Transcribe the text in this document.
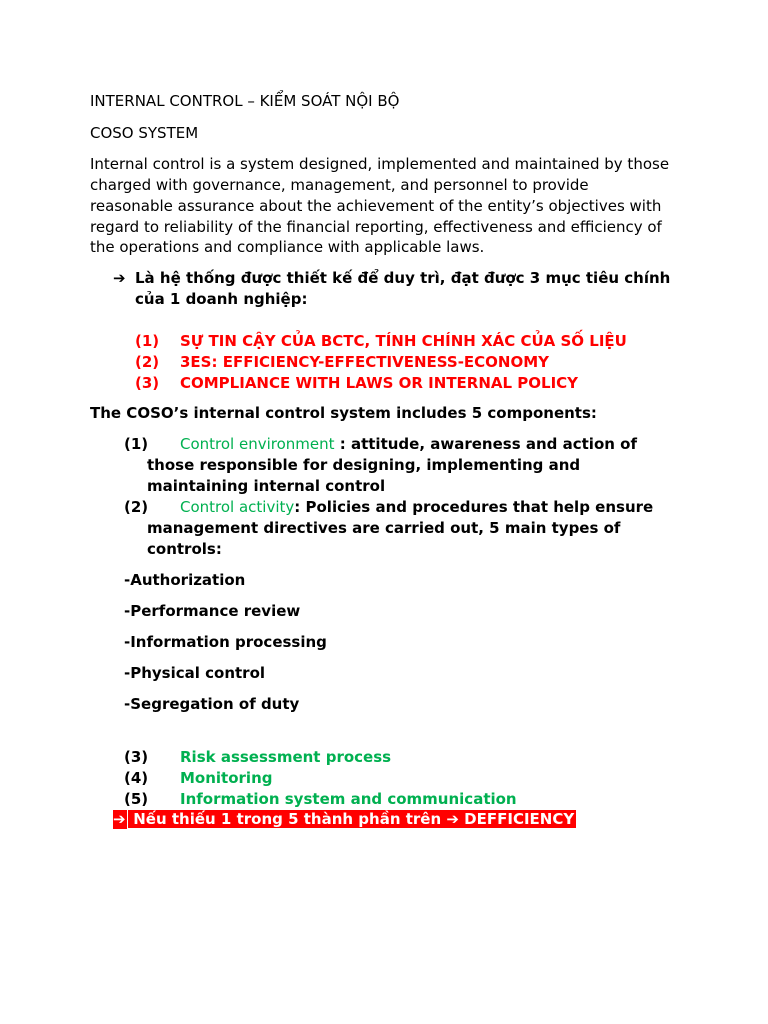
INTERNAL CONTROL – KIỂM SOÁT NỘI BỘ
COSO SYSTEM
Internal control is a system designed, implemented and maintained by those
charged with governance, management, and personnel to provide
reasonable assurance about the achievement of the entity’s objectives with
regard to reliability of the financial reporting, effectiveness and efficiency of
the operations and compliance with applicable laws.
➔ Là hệ thống được thiết kế để duy trì, đạt được 3 mục tiêu chính
của 1 doanh nghiệp:
(1) SỰ TIN CẬY CỦA BCTC, TÍNH CHÍNH XÁC CỦA SỐ LIỆU
(2) 3ES: EFFICIENCY-EFFECTIVENESS-ECONOMY
(3) COMPLIANCE WITH LAWS OR INTERNAL POLICY
The COSO’s internal control system includes 5 components:
(1) Control environment : attitude, awareness and action of
those responsible for designing, implementing and
maintaining internal control
(2) Control activity: Policies and procedures that help ensure
management directives are carried out, 5 main types of
controls:
-Authorization
-Performance review
-Information processing
-Physical control
-Segregation of duty
(3) Risk assessment process
(4) Monitoring
(5) Information system and communication
➔ Nếu thiếu 1 trong 5 thành phần trên ➔ DEFFICIENCY
